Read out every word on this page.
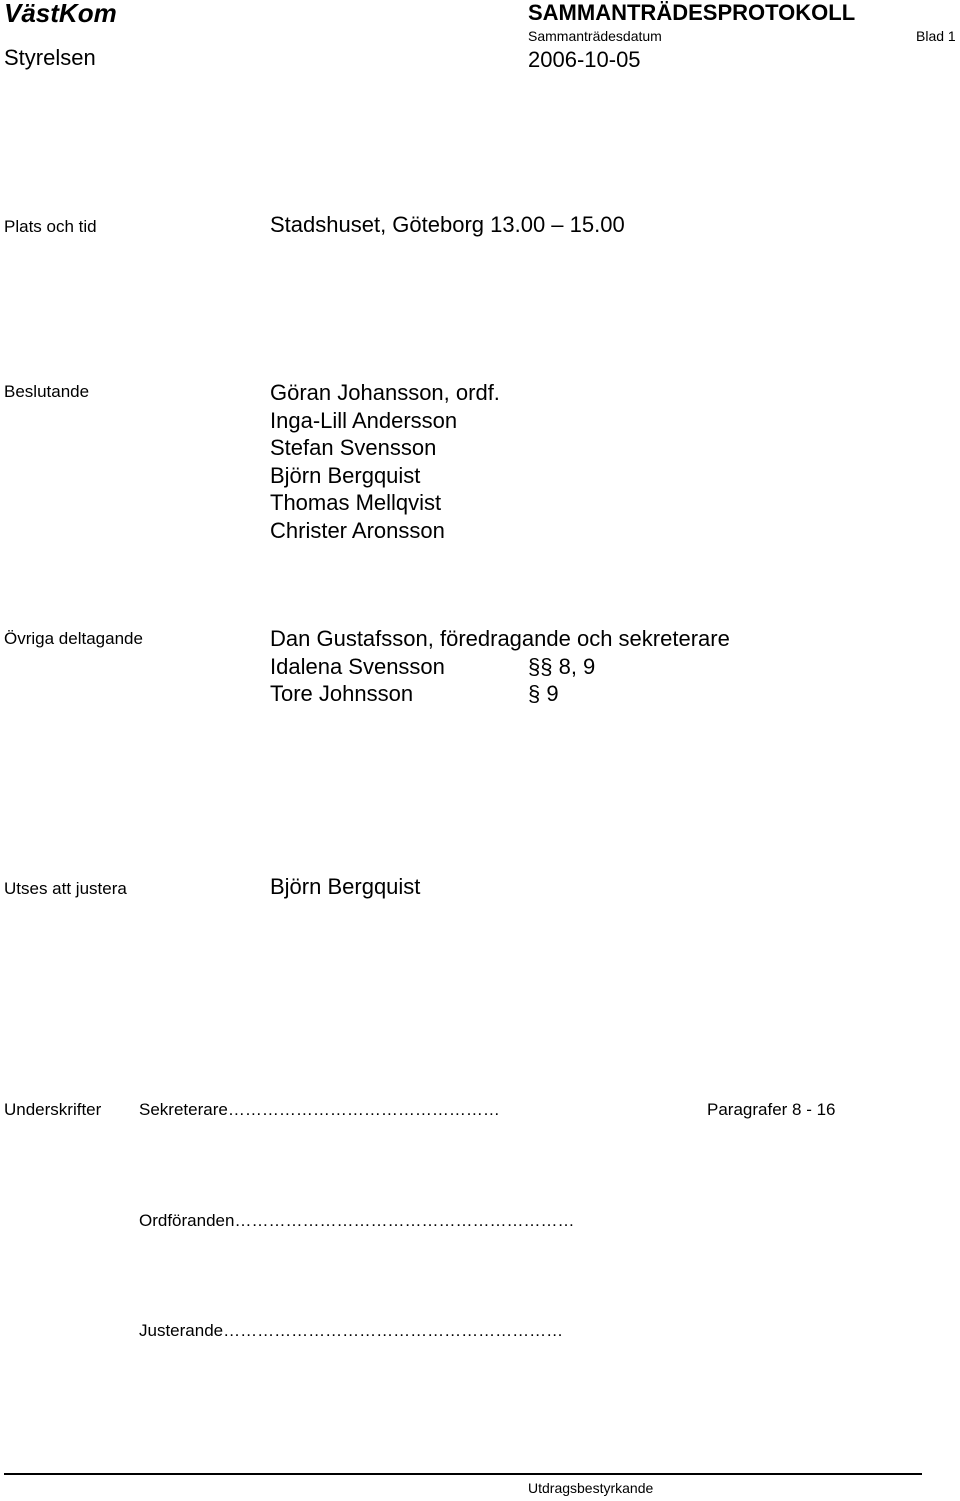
VästKom
Styrelsen
SAMMANTRÄDESPROTOKOLL
Sammanträdesdatum	Blad 1
2006-10-05
Plats och tid	Stadshuset, Göteborg 13.00 – 15.00
Beslutande	Göran Johansson, ordf.
Inga-Lill Andersson
Stefan Svensson
Björn Bergquist
Thomas Mellqvist
Christer Aronsson
Övriga deltagande	Dan Gustafsson, föredragande och sekreterare
Idalena Svensson	§§ 8, 9
Tore Johnsson	§ 9
Utses att justera	Björn Bergquist
Underskrifter Sekreterare…………………………………………	Paragrafer 8 - 16
Ordföranden……………………………………………………
Justerande……………………………………………………
Utdragsbestyrkande
